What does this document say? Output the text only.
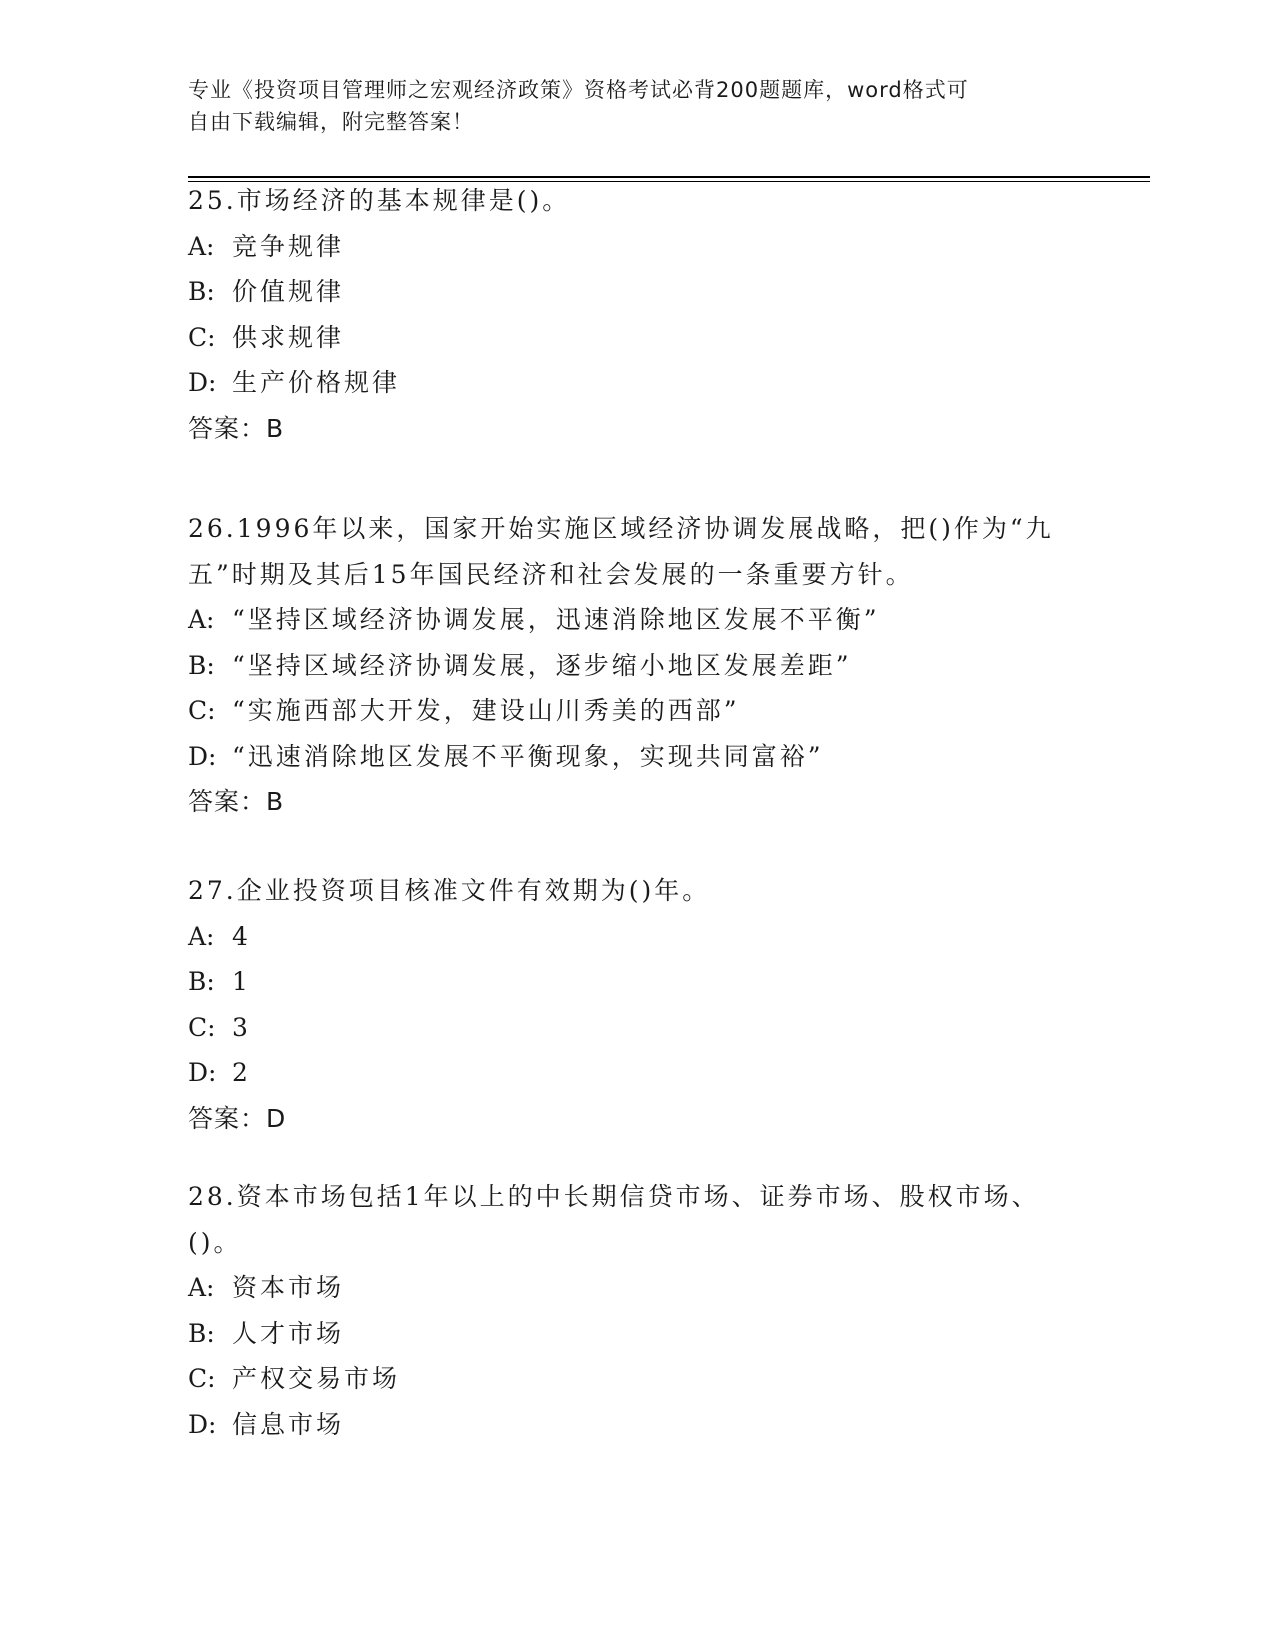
专业《投资项目管理师之宏观经济政策》资格考试必背200题题库，word格式可
自由下载编辑，附完整答案！
25.市场经济的基本规律是()。
A: 竞争规律
B: 价值规律
C: 供求规律
D: 生产价格规律
答案：B
26.1996年以来，国家开始实施区域经济协调发展战略，把()作为“九
五”时期及其后15年国民经济和社会发展的一条重要方针。
A: “坚持区域经济协调发展，迅速消除地区发展不平衡”
B: “坚持区域经济协调发展，逐步缩小地区发展差距”
C: “实施西部大开发，建设山川秀美的西部”
D: “迅速消除地区发展不平衡现象，实现共同富裕”
答案：B
27.企业投资项目核准文件有效期为()年。
A: 4
B: 1
C: 3
D: 2
答案：D
28.资本市场包括1年以上的中长期信贷市场、证券市场、股权市场、
()。
A: 资本市场
B: 人才市场
C: 产权交易市场
D: 信息市场
